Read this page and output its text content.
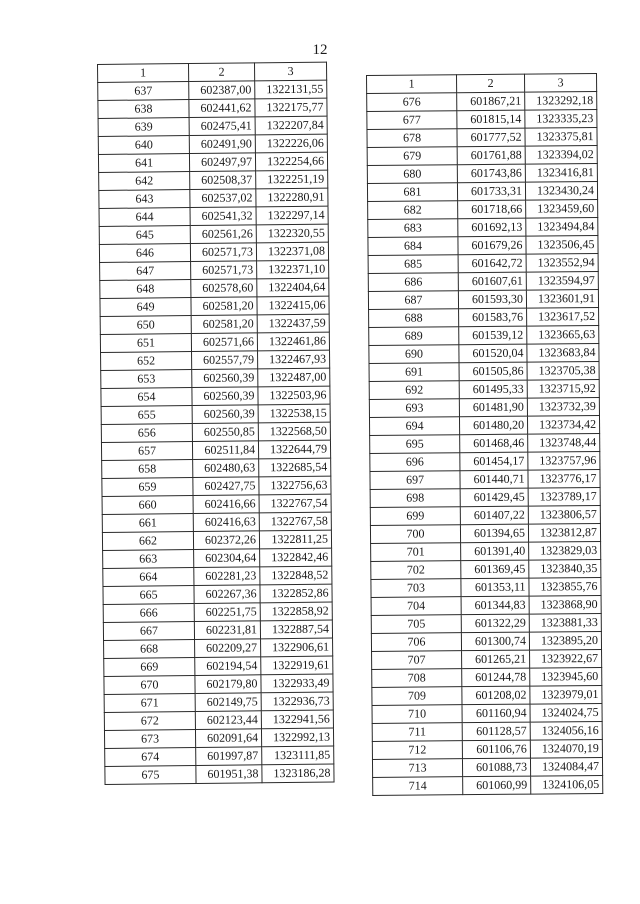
12
1	2	3
637	602387,00	1322131,55
638	602441,62	1322175,77
639	602475,41	1322207,84
640	602491,90	1322226,06
641	602497,97	1322254,66
642	602508,37	1322251,19
643	602537,02	1322280,91
644	602541,32	1322297,14
645	602561,26	1322320,55
646	602571,73	1322371,08
647	602571,73	1322371,10
648	602578,60	1322404,64
649	602581,20	1322415,06
650	602581,20	1322437,59
651	602571,66	1322461,86
652	602557,79	1322467,93
653	602560,39	1322487,00
654	602560,39	1322503,96
655	602560,39	1322538,15
656	602550,85	1322568,50
657	602511,84	1322644,79
658	602480,63	1322685,54
659	602427,75	1322756,63
660	602416,66	1322767,54
661	602416,63	1322767,58
662	602372,26	1322811,25
663	602304,64	1322842,46
664	602281,23	1322848,52
665	602267,36	1322852,86
666	602251,75	1322858,92
667	602231,81	1322887,54
668	602209,27	1322906,61
669	602194,54	1322919,61
670	602179,80	1322933,49
671	602149,75	1322936,73
672	602123,44	1322941,56
673	602091,64	1322992,13
674	601997,87	1323111,85
675	601951,38	1323186,28
1	2	3
676	601867,21	1323292,18
677	601815,14	1323335,23
678	601777,52	1323375,81
679	601761,88	1323394,02
680	601743,86	1323416,81
681	601733,31	1323430,24
682	601718,66	1323459,60
683	601692,13	1323494,84
684	601679,26	1323506,45
685	601642,72	1323552,94
686	601607,61	1323594,97
687	601593,30	1323601,91
688	601583,76	1323617,52
689	601539,12	1323665,63
690	601520,04	1323683,84
691	601505,86	1323705,38
692	601495,33	1323715,92
693	601481,90	1323732,39
694	601480,20	1323734,42
695	601468,46	1323748,44
696	601454,17	1323757,96
697	601440,71	1323776,17
698	601429,45	1323789,17
699	601407,22	1323806,57
700	601394,65	1323812,87
701	601391,40	1323829,03
702	601369,45	1323840,35
703	601353,11	1323855,76
704	601344,83	1323868,90
705	601322,29	1323881,33
706	601300,74	1323895,20
707	601265,21	1323922,67
708	601244,78	1323945,60
709	601208,02	1323979,01
710	601160,94	1324024,75
711	601128,57	1324056,16
712	601106,76	1324070,19
713	601088,73	1324084,47
714	601060,99	1324106,05
